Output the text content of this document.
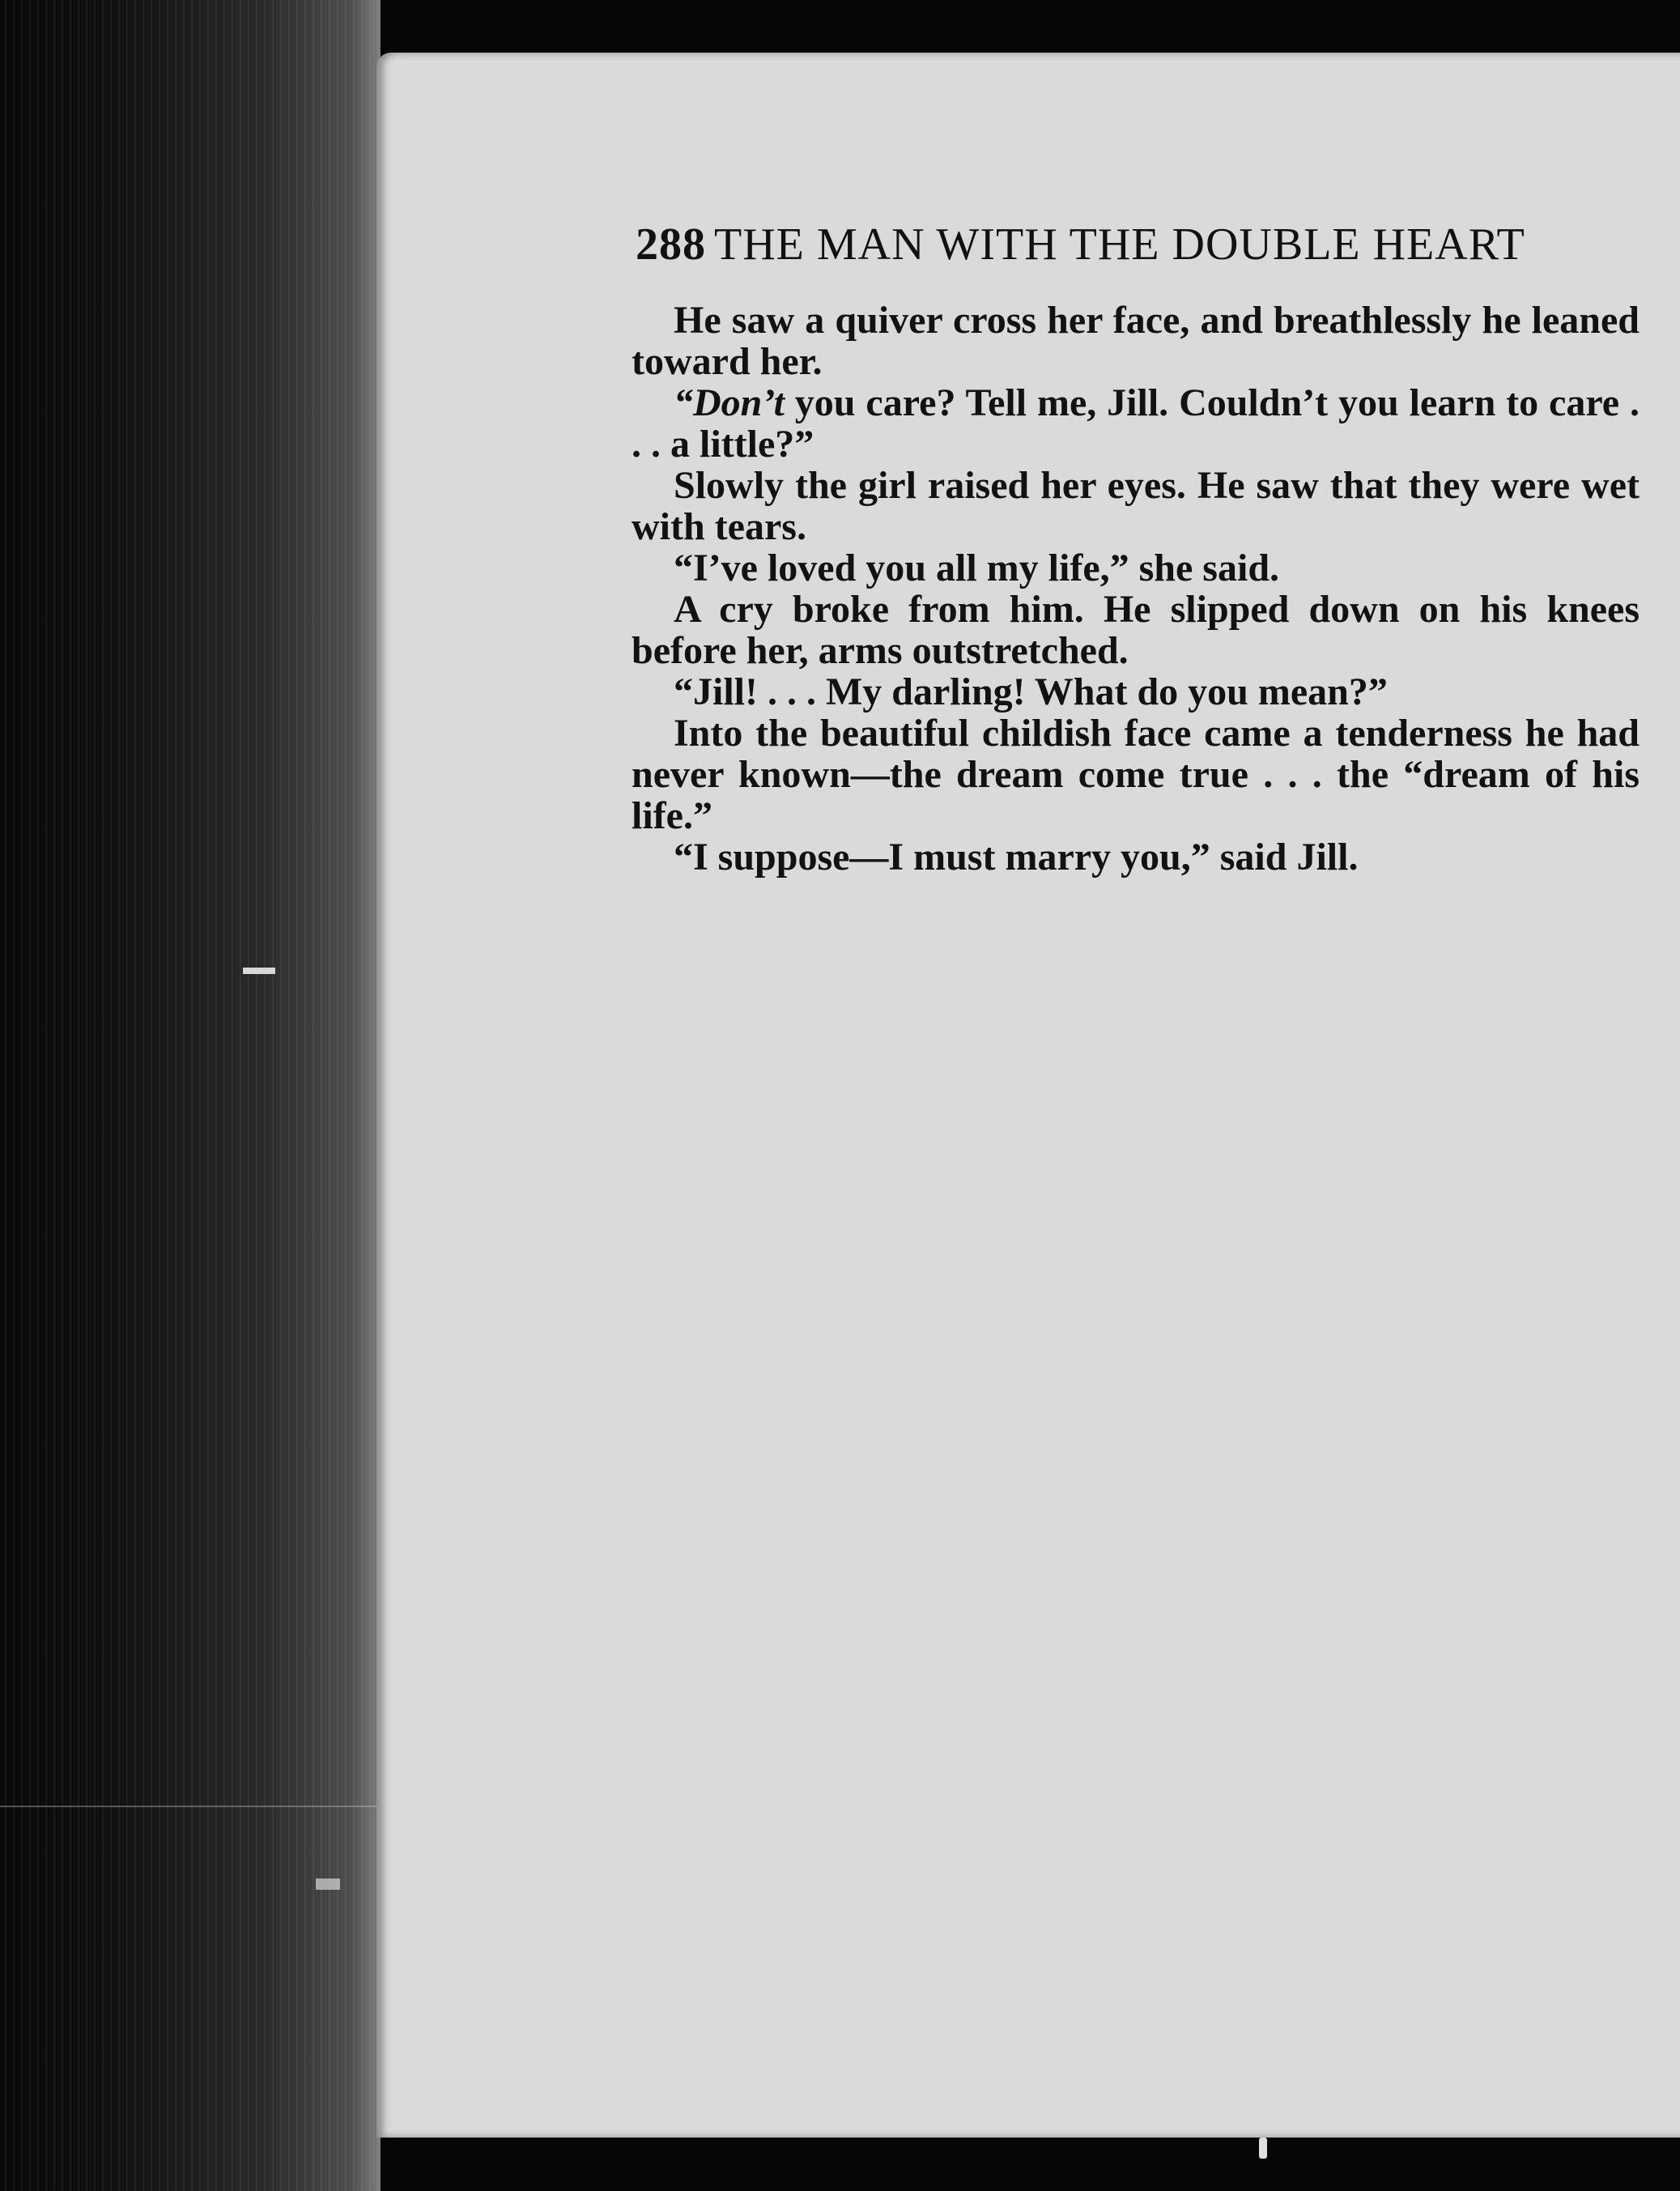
288 THE MAN WITH THE DOUBLE HEART

He saw a quiver cross her face, and breathlessly he leaned toward her.

“Don’t you care? Tell me, Jill. Couldn’t you learn to care . . . a little?”

Slowly the girl raised her eyes. He saw that they were wet with tears.

“I’ve loved you all my life,” she said.

A cry broke from him. He slipped down on his knees before her, arms outstretched.

“Jill! . . . My darling! What do you mean?”

Into the beautiful childish face came a tenderness he had never known—the dream come true . . . the “dream of his life.”

“I suppose—I must marry you,” said Jill.
